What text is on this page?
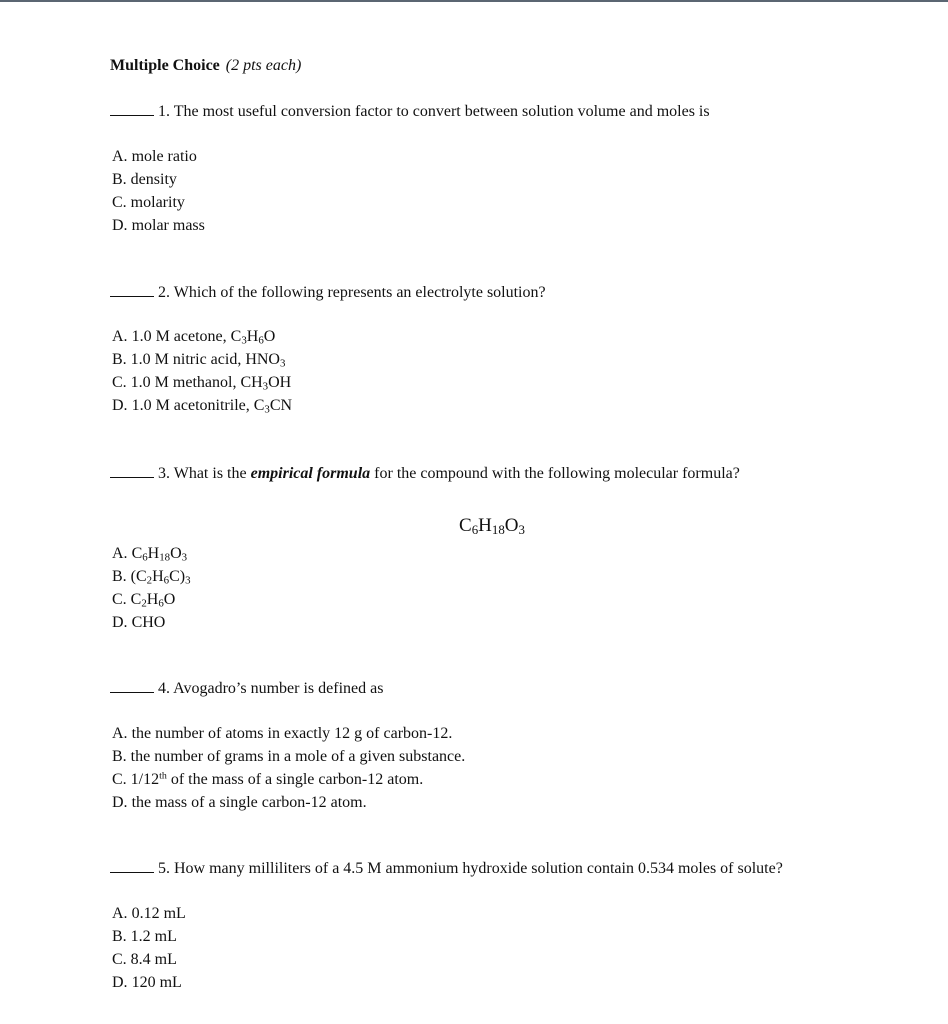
Multiple Choice (2 pts each)
1. The most useful conversion factor to convert between solution volume and moles is
A. mole ratio
B. density
C. molarity
D. molar mass
2. Which of the following represents an electrolyte solution?
A. 1.0 M acetone, $C_3H_6O$
B. 1.0 M nitric acid, $HNO_3$
C. 1.0 M methanol, $CH_3OH$
D. 1.0 M acetonitrile, $C_3CN$
3. What is the empirical formula for the compound with the following molecular formula?
$C_6H_{18}O_3$
A. $C_6H_{18}O_3$
B. $(C_2H_6C)_3$
C. $C_2H_6O$
D. CHO
4. Avogadro’s number is defined as
A. the number of atoms in exactly 12 g of carbon-12.
B. the number of grams in a mole of a given substance.
C. 1/12th of the mass of a single carbon-12 atom.
D. the mass of a single carbon-12 atom.
5. How many milliliters of a 4.5 M ammonium hydroxide solution contain 0.534 moles of solute?
A. 0.12 mL
B. 1.2 mL
C. 8.4 mL
D. 120 mL
